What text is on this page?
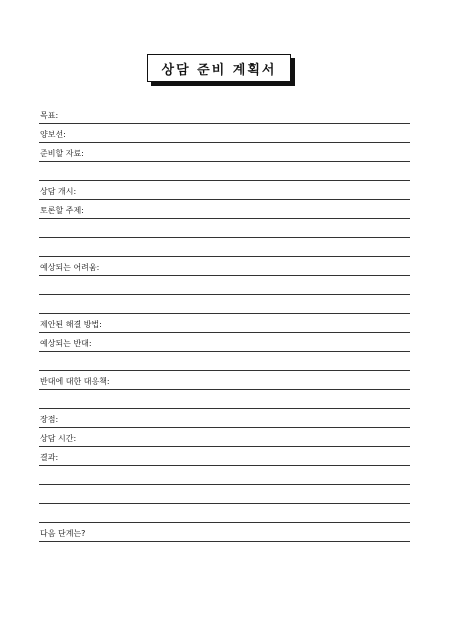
상담 준비 계획서
목표:
양보선:
준비할 자료:
상담 개시:
토론할 주제:
예상되는 어려움:
제안된 해결 방법:
예상되는 반대:
반대에 대한 대응책:
장점:
상담 시간:
결과:
다음 단계는?
